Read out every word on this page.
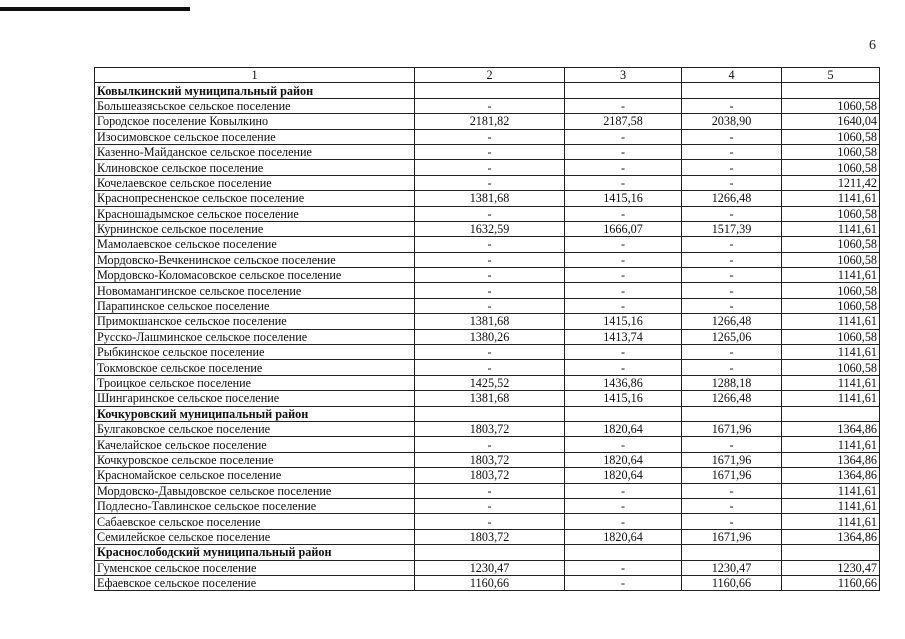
6
1	2	3	4	5
Ковылкинский муниципальный район				
Большеазясьское сельское поселение	-	-	-	1060,58
Городское поселение Ковылкино	2181,82	2187,58	2038,90	1640,04
Изосимовское сельское поселение	-	-	-	1060,58
Казенно-Майданское сельское поселение	-	-	-	1060,58
Клиновское сельское поселение	-	-	-	1060,58
Кочелаевское сельское поселение	-	-	-	1211,42
Краснопресненское сельское поселение	1381,68	1415,16	1266,48	1141,61
Красношадымское сельское поселение	-	-	-	1060,58
Курнинское сельское поселение	1632,59	1666,07	1517,39	1141,61
Мамолаевское сельское поселение	-	-	-	1060,58
Мордовско-Вечкенинское сельское поселение	-	-	-	1060,58
Мордовско-Коломасовское сельское поселение	-	-	-	1141,61
Новомамангинское сельское поселение	-	-	-	1060,58
Парапинское сельское поселение	-	-	-	1060,58
Примокшанское сельское поселение	1381,68	1415,16	1266,48	1141,61
Русско-Лашминское сельское поселение	1380,26	1413,74	1265,06	1060,58
Рыбкинское сельское поселение	-	-	-	1141,61
Токмовское сельское поселение	-	-	-	1060,58
Троицкое сельское поселение	1425,52	1436,86	1288,18	1141,61
Шингаринское сельское поселение	1381,68	1415,16	1266,48	1141,61
Кочкуровский муниципальный район				
Булгаковское сельское поселение	1803,72	1820,64	1671,96	1364,86
Качелайское сельское поселение	-	-	-	1141,61
Кочкуровское сельское поселение	1803,72	1820,64	1671,96	1364,86
Красномайское сельское поселение	1803,72	1820,64	1671,96	1364,86
Мордовско-Давыдовское сельское поселение	-	-	-	1141,61
Подлесно-Тавлинское сельское поселение	-	-	-	1141,61
Сабаевское сельское поселение	-	-	-	1141,61
Семилейское сельское поселение	1803,72	1820,64	1671,96	1364,86
Краснослободский муниципальный район				
Гуменское сельское поселение	1230,47	-	1230,47	1230,47
Ефаевское сельское поселение	1160,66	-	1160,66	1160,66
